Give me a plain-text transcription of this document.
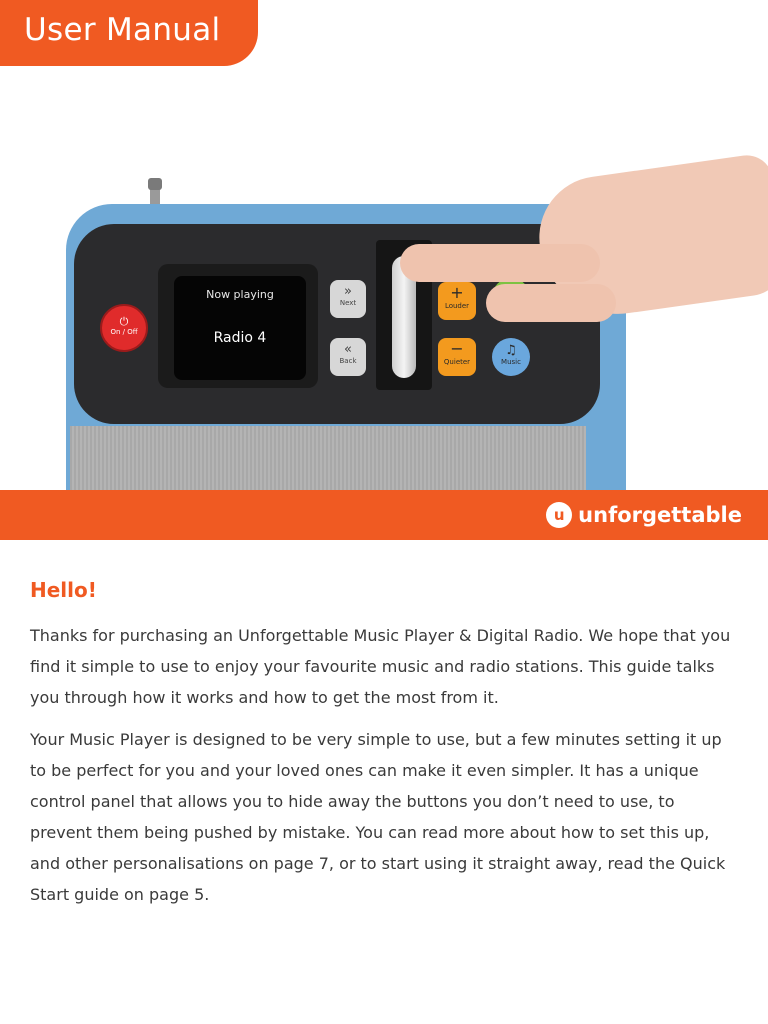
User Manual
⏻
On / Off
Now playing
Radio 4
»
Next
«
Back
+
Louder
−
Quieter
♫
Music
u unforgettable
Hello!

Thanks for purchasing an Unforgettable Music Player & Digital Radio. We hope that you find it simple to use to enjoy your favourite music and radio stations. This guide talks you through how it works and how to get the most from it.

Your Music Player is designed to be very simple to use, but a few minutes setting it up to be perfect for you and your loved ones can make it even simpler. It has a unique control panel that allows you to hide away the buttons you don’t need to use, to prevent them being pushed by mistake. You can read more about how to set this up, and other personalisations on page 7, or to start using it straight away, read the Quick Start guide on page 5.
